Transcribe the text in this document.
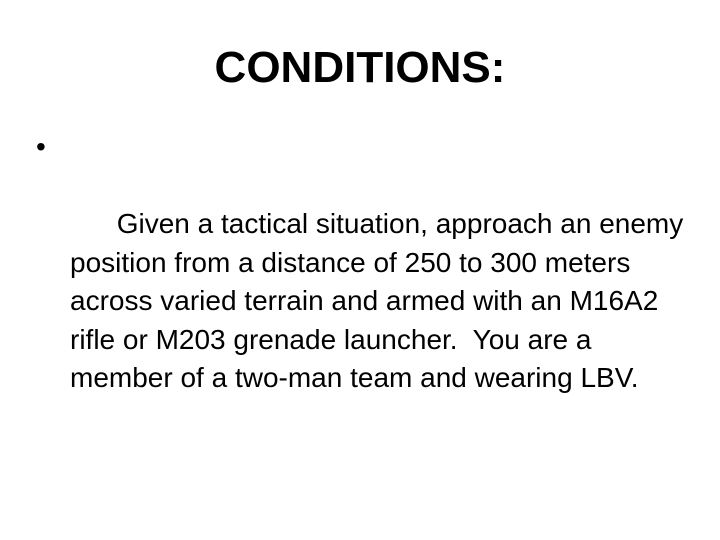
CONDITIONS:

•

Given a tactical situation, approach an enemy position from a distance of 250 to 300 meters across varied terrain and armed with an M16A2 rifle or M203 grenade launcher.  You are a member of a two-man team and wearing LBV.
